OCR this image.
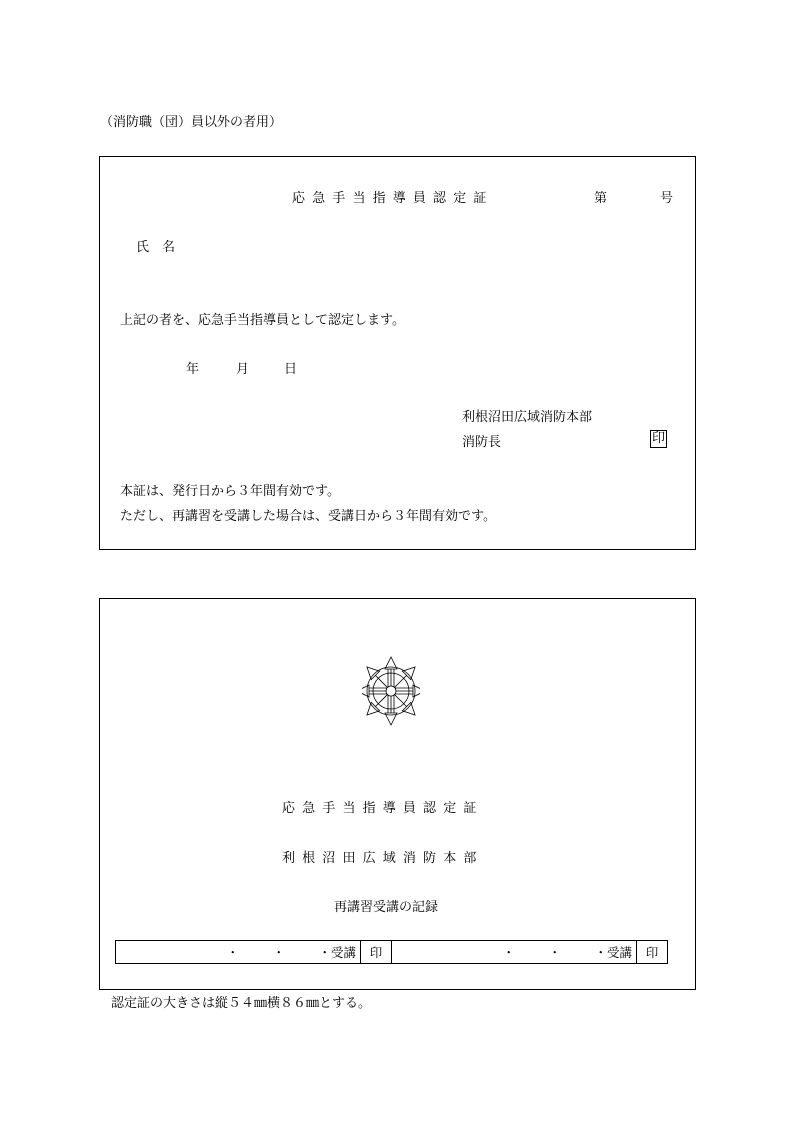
（消防職（団）員以外の者用）
応急手当指導員認定証	第	号
氏　名
上記の者を、応急手当指導員として認定します。
年	月	日
利根沼田広域消防本部
消防長	印
本証は、発行日から３年間有効です。
ただし、再講習を受講した場合は、受講日から３年間有効です。
応急手当指導員認定証
利根沼田広域消防本部
再講習受講の記録
・	・	・受講	印	・	・	・受講	印
認定証の大きさは縦５４㎜横８６㎜とする。
